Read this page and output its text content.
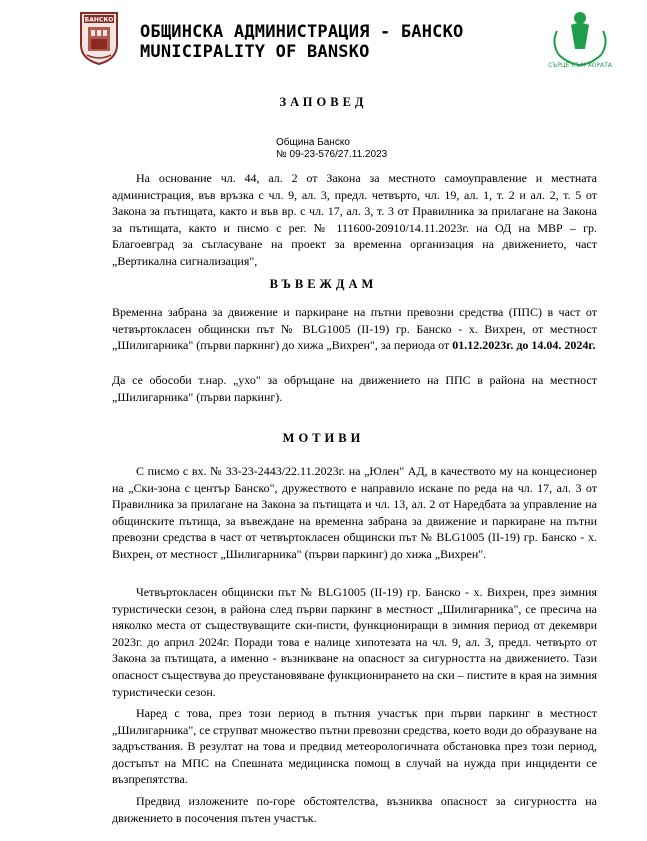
БАНСКО
ОБЩИНСКА АДМИНИСТРАЦИЯ - БАНСКО
MUNICIPALITY OF BANSKO
СЪРЦЕ КЪМ ХОРАТА
ЗАПОВЕД
Община Банско
№ 09-23-576/27.11.2023
На основание чл. 44, ал. 2 от Закона за местното самоуправление и местната администрация, във връзка с чл. 9, ал. 3, предл. четвърто, чл. 19, ал. 1, т. 2 и ал. 2, т. 5 от Закона за пътищата, както и във вр. с чл. 17, ал. 3, т. 3 от Правилника за прилагане на Закона за пътищата, както и писмо с рег. № 111600-20910/14.11.2023г. на ОД на МВР – гр. Благоевград за съгласуване на проект за временна организация на движението, част „Вертикална сигнализация",
ВЪВЕЖДАМ
Временна забрана за движение и паркиране на пътни превозни средства (ППС) в част от четвъртокласен общински път № BLG1005 (II-19) гр. Банско - х. Вихрен, от местност „Шилигарника" (първи паркинг) до хижа „Вихрен", за периода от 01.12.2023г. до 14.04. 2024г.
Да се обособи т.нар. „ухо" за обръщане на движението на ППС в района на местност „Шилигарника" (първи паркинг).
МОТИВИ
С писмо с вх. № 33-23-2443/22.11.2023г. на „Юлен" АД, в качеството му на концесионер на „Ски-зона с център Банско", дружеството е направило искане по реда на чл. 17, ал. 3 от Правилника за прилагане на Закона за пътищата и чл. 13, ал. 2 от Наредбата за управление на общинските пътища, за въвеждане на временна забрана за движение и паркиране на пътни превозни средства в част от четвъртокласен общински път № BLG1005 (II-19) гр. Банско - х. Вихрен, от местност „Шилигарника" (първи паркинг) до хижа „Вихрен".
Четвъртокласен общински път № BLG1005 (II-19) гр. Банско - х. Вихрен, през зимния туристически сезон, в района след първи паркинг в местност „Шилигарника", се пресича на няколко места от съществуващите ски-писти, функциониращи в зимния период от декември 2023г. до април 2024г. Поради това е налице хипотезата на чл. 9, ал. 3, предл. четвърто от Закона за пътищата, а именно - възникване на опасност за сигурността на движението. Тази опасност съществува до преустановяване функционирането на ски – пистите в края на зимния туристически сезон.
Наред с това, през този период в пътния участък при първи паркинг в местност „Шилигарника", се струпват множество пътни превозни средства, което води до образуване на задръствания. В резултат на това и предвид метеорологичната обстановка през този период, достъпът на МПС на Спешната медицинска помощ в случай на нужда при инциденти се възпрепятства.
Предвид изложените по-горе обстоятелства, възниква опасност за сигурността на движението в посочения пътен участък.
